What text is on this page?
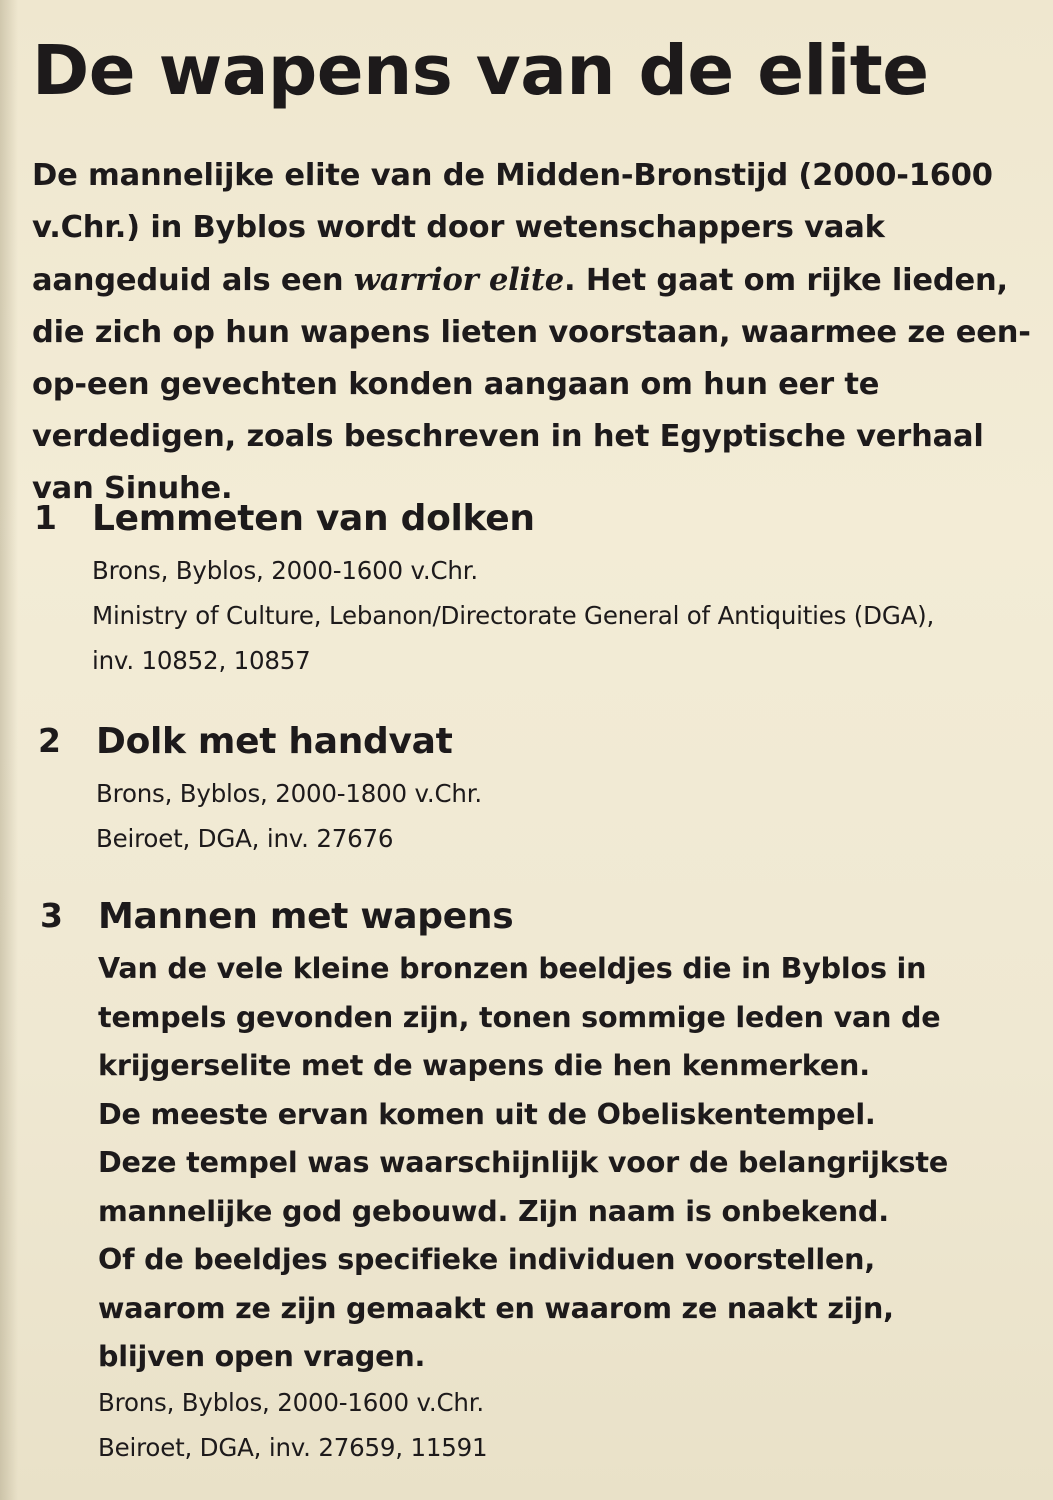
De wapens van de elite

De mannelijke elite van de Midden-Bronstijd (2000-1600 v.Chr.) in Byblos wordt door wetenschappers vaak aangeduid als een warrior elite. Het gaat om rijke lieden, die zich op hun wapens lieten voorstaan, waarmee ze een-op-een gevechten konden aangaan om hun eer te verdedigen, zoals beschreven in het Egyptische verhaal van Sinuhe.

1 Lemmeten van dolken
Brons, Byblos, 2000-1600 v.Chr.
Ministry of Culture, Lebanon/Directorate General of Antiquities (DGA),
inv. 10852, 10857
2 Dolk met handvat
Brons, Byblos, 2000-1800 v.Chr.
Beiroet, DGA, inv. 27676
3 Mannen met wapens
Van de vele kleine bronzen beeldjes die in Byblos in
tempels gevonden zijn, tonen sommige leden van de
krijgerselite met de wapens die hen kenmerken.
De meeste ervan komen uit de Obeliskentempel.
Deze tempel was waarschijnlijk voor de belangrijkste
mannelijke god gebouwd. Zijn naam is onbekend.
Of de beeldjes specifieke individuen voorstellen,
waarom ze zijn gemaakt en waarom ze naakt zijn,
blijven open vragen.
Brons, Byblos, 2000-1600 v.Chr.
Beiroet, DGA, inv. 27659, 11591
